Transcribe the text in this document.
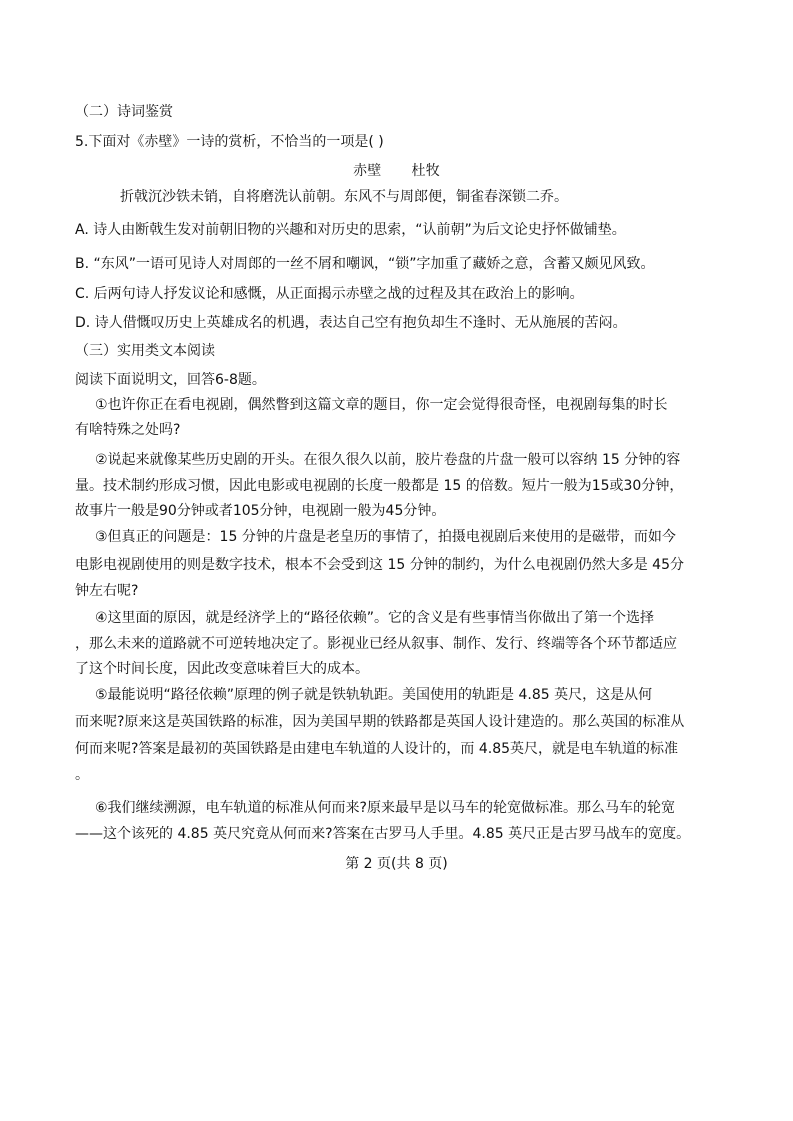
（二）诗词鉴赏
5.下面对《赤壁》一诗的赏析，不恰当的一项是( )
赤壁 杜牧
折戟沉沙铁未销，自将磨洗认前朝。东风不与周郎便，铜雀春深锁二乔。
A. 诗人由断戟生发对前朝旧物的兴趣和对历史的思索，“认前朝”为后文论史抒怀做铺垫。
B. “东风”一语可见诗人对周郎的一丝不屑和嘲讽，“锁”字加重了藏娇之意，含蓄又颇见风致。
C. 后两句诗人抒发议论和感慨，从正面揭示赤壁之战的过程及其在政治上的影响。
D. 诗人借慨叹历史上英雄成名的机遇，表达自己空有抱负却生不逢时、无从施展的苦闷。
（三）实用类文本阅读
阅读下面说明文，回答6-8题。
①也许你正在看电视剧，偶然瞥到这篇文章的题目，你一定会觉得很奇怪，电视剧每集的时长
有啥特殊之处吗?
②说起来就像某些历史剧的开头。在很久很久以前，胶片卷盘的片盘一般可以容纳 15 分钟的容
量。技术制约形成习惯，因此电影或电视剧的长度一般都是 15 的倍数。短片一般为15或30分钟，
故事片一般是90分钟或者105分钟，电视剧一般为45分钟。
③但真正的问题是：15 分钟的片盘是老皇历的事情了，拍摄电视剧后来使用的是磁带，而如今
电影电视剧使用的则是数字技术，根本不会受到这 15 分钟的制约，为什么电视剧仍然大多是 45分
钟左右呢?
④这里面的原因，就是经济学上的“路径依赖”。它的含义是有些事情当你做出了第一个选择
，那么未来的道路就不可逆转地决定了。影视业已经从叙事、制作、发行、终端等各个环节都适应
了这个时间长度，因此改变意味着巨大的成本。
⑤最能说明“路径依赖”原理的例子就是铁轨轨距。美国使用的轨距是 4.85 英尺，这是从何
而来呢?原来这是英国铁路的标准，因为美国早期的铁路都是英国人设计建造的。那么英国的标准从
何而来呢?答案是最初的英国铁路是由建电车轨道的人设计的，而 4.85英尺，就是电车轨道的标准
。
⑥我们继续溯源，电车轨道的标准从何而来?原来最早是以马车的轮宽做标准。那么马车的轮宽
——这个该死的 4.85 英尺究竟从何而来?答案在古罗马人手里。4.85 英尺正是古罗马战车的宽度。
第 2 页(共 8 页)
